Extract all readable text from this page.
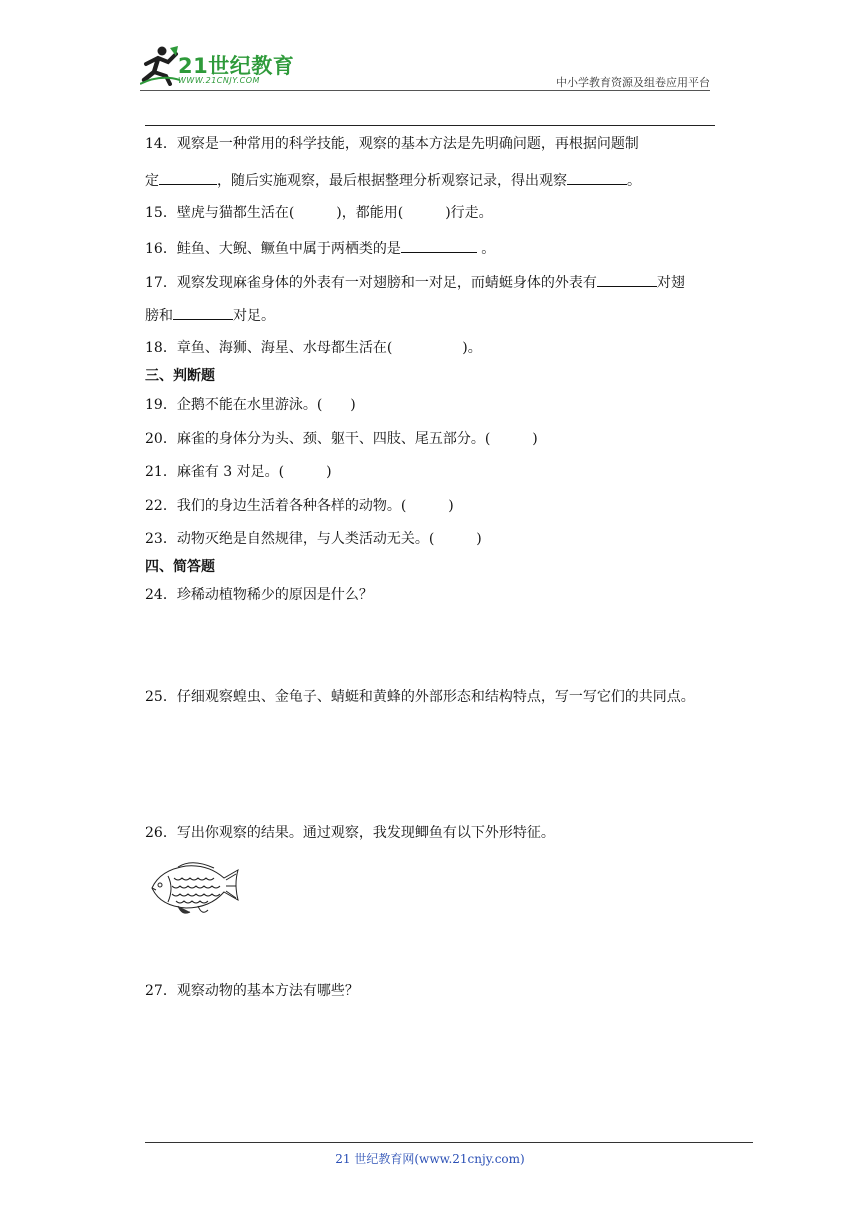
21世纪教育
WWW.21CNJY.COM	中小学教育资源及组卷应用平台
14．观察是一种常用的科学技能，观察的基本方法是先明确问题，再根据问题制
定	，随后实施观察，最后根据整理分析观察记录，得出观察	。
15．壁虎与猫都生活在(　　　)，都能用(　　　)行走。
16．鲑鱼、大鲵、鳜鱼中属于两栖类的是	。
17．观察发现麻雀身体的外表有一对翅膀和一对足，而蜻蜓身体的外表有	对翅
膀和	对足。
18．章鱼、海狮、海星、水母都生活在(　　　　　)。
三、判断题
19．企鹅不能在水里游泳。(　　)
20．麻雀的身体分为头、颈、躯干、四肢、尾五部分。(　　　)
21．麻雀有 3 对足。(　　　)
22．我们的身边生活着各种各样的动物。(　　　)
23．动物灭绝是自然规律，与人类活动无关。(　　　)
四、简答题
24．珍稀动植物稀少的原因是什么？
25．仔细观察蝗虫、金龟子、蜻蜓和黄蜂的外部形态和结构特点，写一写它们的共同点。
26．写出你观察的结果。通过观察，我发现鲫鱼有以下外形特征。
27．观察动物的基本方法有哪些？
21 世纪教育网(www.21cnjy.com)
